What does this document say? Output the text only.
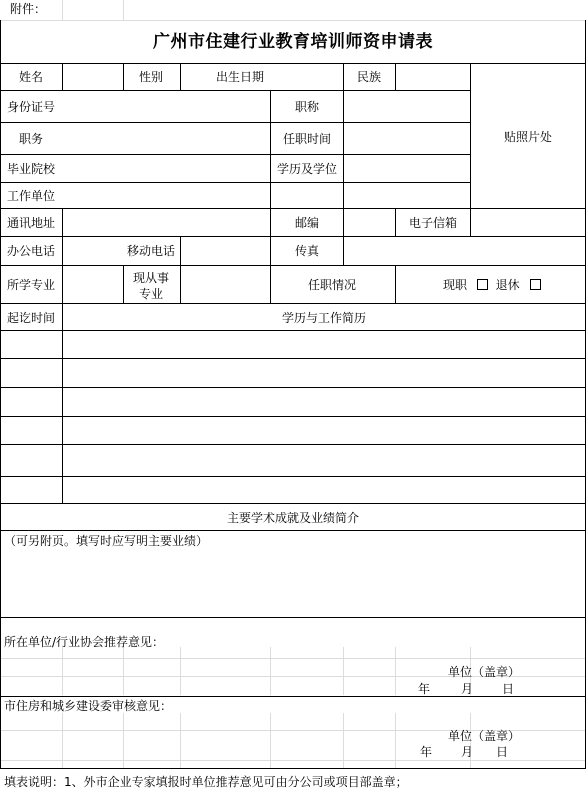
附件：
广州市住建行业教育培训师资申请表
姓名	性别	出生日期	民族
贴照片处
身份证号	职称
职务	任职时间
毕业院校	学历及学位
工作单位
通讯地址	邮编	电子信箱
办公电话	移动电话	传真
所学专业	现从事
专业
任职情况	现职 退休
起讫时间	学历与工作简历
主要学术成就及业绩简介
（可另附页。填写时应写明主要业绩）
所在单位/行业协会推荐意见：
单位（盖章）
年	月 日
市住房和城乡建设委审核意见：
单位（盖章）
年 月 日
填表说明：1、外市企业专家填报时单位推荐意见可由分公司或项目部盖章；
